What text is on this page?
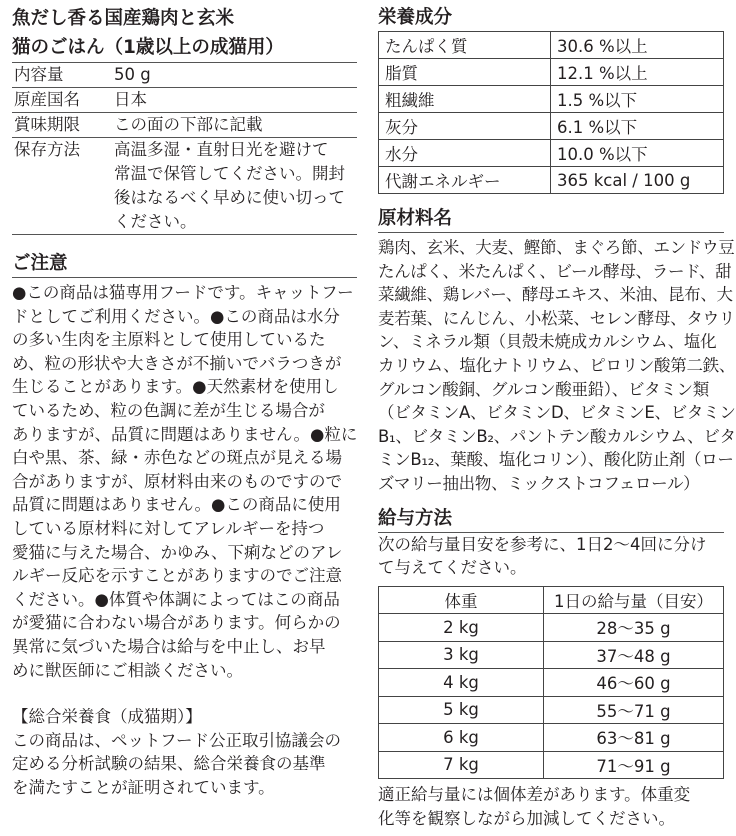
魚だし香る国産鶏肉と玄米
猫のごはん（1歳以上の成猫用）
内容量	50 g
原産国名	日本
賞味期限	この面の下部に記載
保存方法	高温多湿・直射日光を避けて
常温で保管してください。開封
後はなるべく早めに使い切って
ください。
ご注意
●この商品は猫専用フードです。キャットフー
ドとしてご利用ください。●この商品は水分
の多い生肉を主原料として使用しているた
め、粒の形状や大きさが不揃いでバラつきが
生じることがあります。●天然素材を使用し
ているため、粒の色調に差が生じる場合が
ありますが、品質に問題はありません。●粒に
白や黒、茶、緑・赤色などの斑点が見える場
合がありますが、原材料由来のものですので
品質に問題はありません。●この商品に使用
している原材料に対してアレルギーを持つ
愛猫に与えた場合、かゆみ、下痢などのアレ
ルギー反応を示すことがありますのでご注意
ください。●体質や体調によってはこの商品
が愛猫に合わない場合があります。何らかの
異常に気づいた場合は給与を中止し、お早
めに獣医師にご相談ください。
【総合栄養食（成猫期）】
この商品は、ペットフード公正取引協議会の
定める分析試験の結果、総合栄養食の基準
を満たすことが証明されています。
栄養成分
たんぱく質	30.6 %以上
脂質	12.1 %以上
粗繊維	1.5 %以下
灰分	6.1 %以下
水分	10.0 %以下
代謝エネルギー	365 kcal / 100 g
原材料名
鶏肉、玄米、大麦、鰹節、まぐろ節、エンドウ豆
たんぱく、米たんぱく、ビール酵母、ラード、甜
菜繊維、鶏レバー、酵母エキス、米油、昆布、大
麦若葉、にんじん、小松菜、セレン酵母、タウリ
ン、ミネラル類（貝殻未焼成カルシウム、塩化
カリウム、塩化ナトリウム、ピロリン酸第二鉄、
グルコン酸銅、グルコン酸亜鉛）、ビタミン類
（ビタミンA、ビタミンD、ビタミンE、ビタミン
B₁、ビタミンB₂、パントテン酸カルシウム、ビタ
ミンB₁₂、葉酸、塩化コリン）、酸化防止剤（ロー
ズマリー抽出物、ミックストコフェロール）
給与方法
次の給与量目安を参考に、1日2〜4回に分け
て与えてください。
体重	1日の給与量（目安）
2 kg	28〜35 g
3 kg	37〜48 g
4 kg	46〜60 g
5 kg	55〜71 g
6 kg	63〜81 g
7 kg	71〜91 g
適正給与量には個体差があります。体重変
化等を観察しながら加減してください。
